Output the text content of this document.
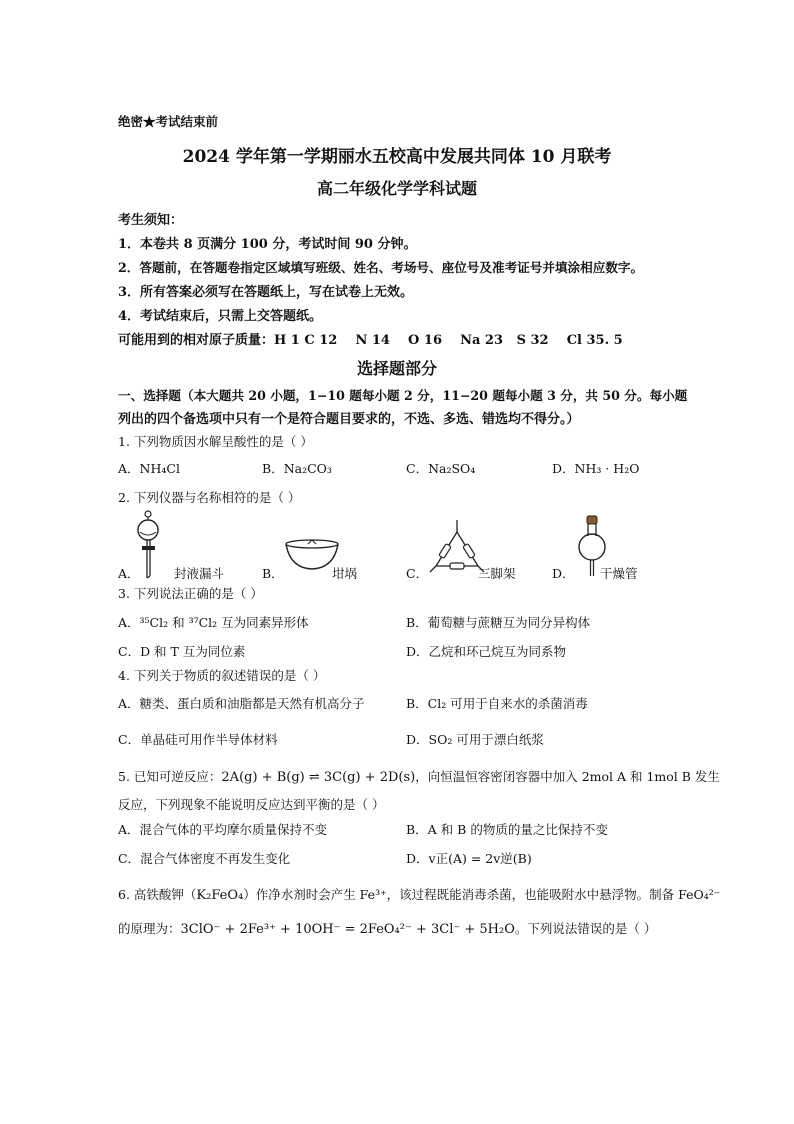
绝密★考试结束前
2024 学年第一学期丽水五校高中发展共同体 10 月联考
高二年级化学学科试题
考生须知：
1．本卷共 8 页满分 100 分，考试时间 90 分钟。
2．答题前，在答题卷指定区域填写班级、姓名、考场号、座位号及准考证号并填涂相应数字。
3．所有答案必须写在答题纸上，写在试卷上无效。
4．考试结束后，只需上交答题纸。
可能用到的相对原子质量：H 1 C 12    N 14    O 16    Na 23   S 32    Cl 35. 5
选择题部分
一、选择题（本大题共 20 小题，1−10 题每小题 2 分，11−20 题每小题 3 分，共 50 分。每小题
列出的四个备选项中只有一个是符合题目要求的，不选、多选、错选均不得分。）
1. 下列物质因水解呈酸性的是（ ）
A．NH₄Cl	B．Na₂CO₃	C．Na₂SO₄	D．NH₃ · H₂O
2. 下列仪器与名称相符的是（ ）
A．	封液漏斗	B．	坩埚	C．	三脚架	D． 干燥管
3. 下列说法正确的是（ ）
A．³⁵Cl₂ 和 ³⁷Cl₂ 互为同素异形体	B．葡萄糖与蔗糖互为同分异构体
C．D 和 T 互为同位素	D．乙烷和环己烷互为同系物
4. 下列关于物质的叙述错误的是（ ）
A．糖类、蛋白质和油脂都是天然有机高分子	B．Cl₂ 可用于自来水的杀菌消毒
C．单晶硅可用作半导体材料	D．SO₂ 可用于漂白纸浆
5. 已知可逆反应：2A(g) + B(g) ⇌ 3C(g) + 2D(s)，向恒温恒容密闭容器中加入 2mol A 和 1mol B 发生
反应，下列现象不能说明反应达到平衡的是（ ）
A．混合气体的平均摩尔质量保持不变	B．A 和 B 的物质的量之比保持不变
C．混合气体密度不再发生变化	D．v正(A) = 2v逆(B)
6. 高铁酸钾（K₂FeO₄）作净水剂时会产生 Fe³⁺，该过程既能消毒杀菌，也能吸附水中悬浮物。制备 FeO₄²⁻
的原理为：3ClO⁻ + 2Fe³⁺ + 10OH⁻ = 2FeO₄²⁻ + 3Cl⁻ + 5H₂O。下列说法错误的是（ ）
